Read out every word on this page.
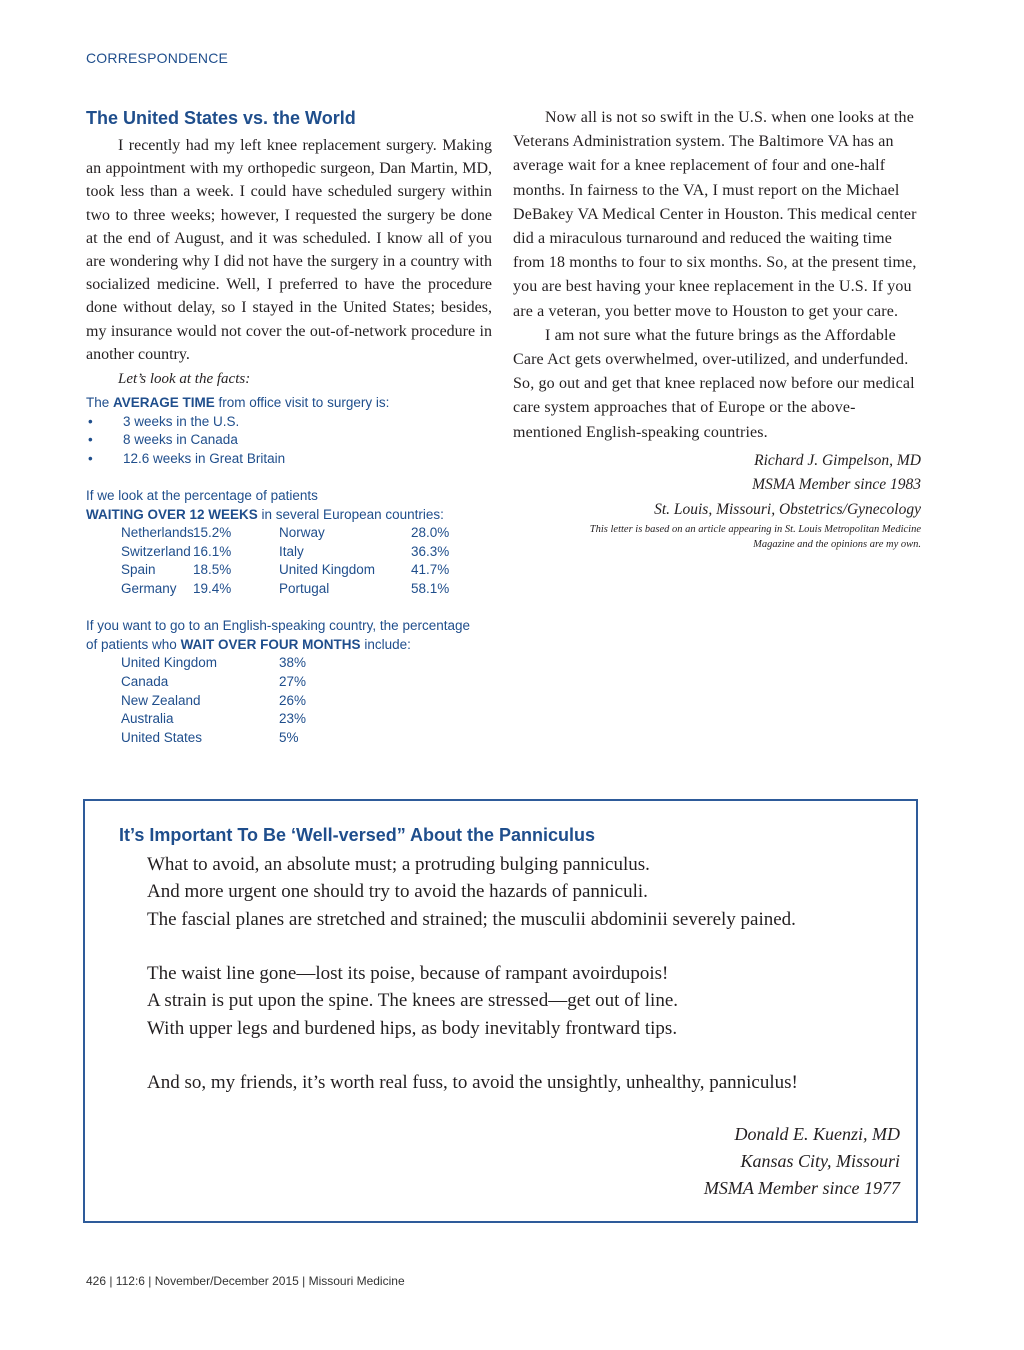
CORRESPONDENCE
The United States vs. the World

I recently had my left knee replacement surgery. Making an appointment with my orthopedic surgeon, Dan Martin, MD, took less than a week. I could have scheduled surgery within two to three weeks; however, I requested the surgery be done at the end of August, and it was scheduled. I know all of you are wondering why I did not have the surgery in a country with socialized medicine. Well, I preferred to have the procedure done without delay, so I stayed in the United States; besides, my insurance would not cover the out-of-network procedure in another country.

Let’s look at the facts:

The AVERAGE TIME from office visit to surgery is:

•	3 weeks in the U.S.
•	8 weeks in Canada
•	12.6 weeks in Great Britain

If we look at the percentage of patients

WAITING OVER 12 WEEKS in several European countries:

Netherlands 15.2%	Norway	28.0%
Switzerland 16.1%	Italy	36.3%
Spain	18.5%	United Kingdom	41.7%
Germany	19.4%	Portugal	58.1%

If you want to go to an English-speaking country, the percentage

of patients who WAIT OVER FOUR MONTHS include:

United Kingdom	38%
Canada	27%
New Zealand	26%
Australia	23%
United States	5%

Now all is not so swift in the U.S. when one looks at the Veterans Administration system. The Baltimore VA has an average wait for a knee replacement of four and one-half months. In fairness to the VA, I must report on the Michael DeBakey VA Medical Center in Houston. This medical center did a miraculous turnaround and reduced the waiting time from 18 months to four to six months. So, at the present time, you are best having your knee replacement in the U.S. If you are a veteran, you better move to Houston to get your care.

I am not sure what the future brings as the Affordable Care Act gets overwhelmed, over-utilized, and underfunded. So, go out and get that knee replaced now before our medical care system approaches that of Europe or the above-mentioned English-speaking countries.

Richard J. Gimpelson, MD

MSMA Member since 1983

St. Louis, Missouri, Obstetrics/Gynecology

This letter is based on an article appearing in St. Louis Metropolitan Medicine

Magazine and the opinions are my own.

It’s Important To Be ‘Well-versed” About the Panniculus

What to avoid, an absolute must; a protruding bulging panniculus.

And more urgent one should try to avoid the hazards of panniculi.

The fascial planes are stretched and strained; the musculii abdominii severely pained.

The waist line gone—lost its poise, because of rampant avoirdupois!

A strain is put upon the spine. The knees are stressed—get out of line.

With upper legs and burdened hips, as body inevitably frontward tips.

And so, my friends, it’s worth real fuss, to avoid the unsightly, unhealthy, panniculus!

Donald E. Kuenzi, MD

Kansas City, Missouri

MSMA Member since 1977

426 | 112:6 | November/December 2015 | Missouri Medicine
